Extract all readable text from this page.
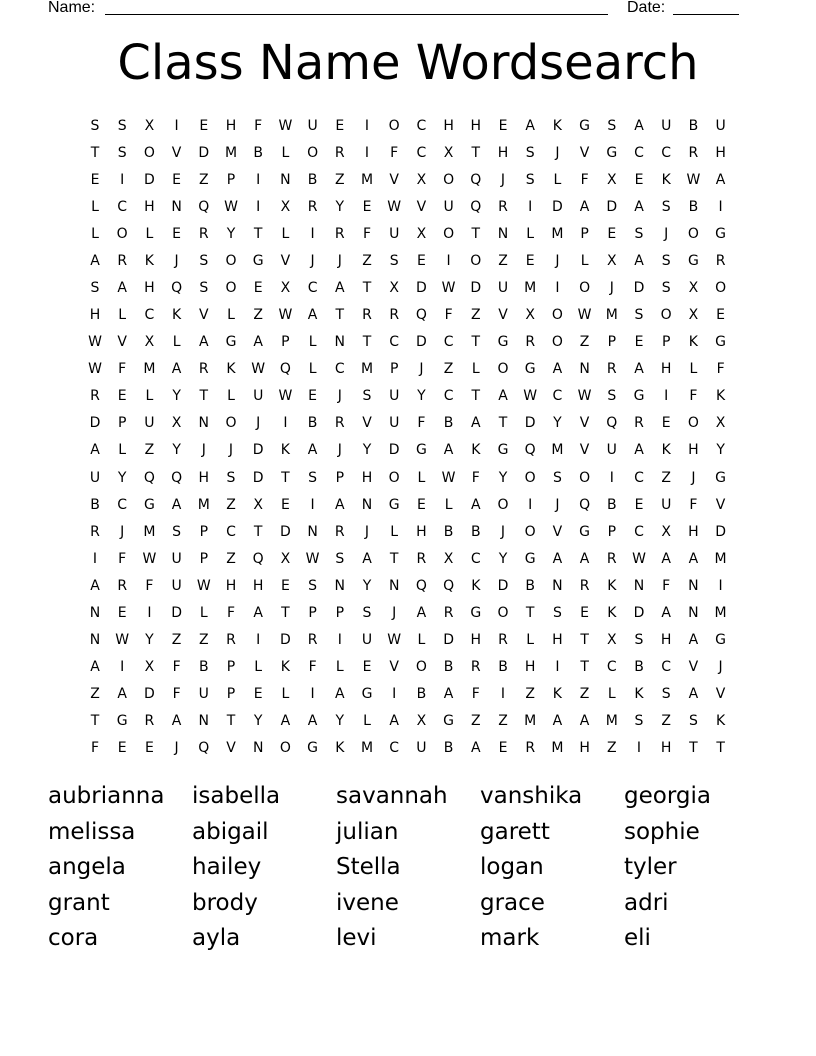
Name:	Date:
Class Name Wordsearch
S	S	X	I	E	H	F	W	U	E	I	O	C	H	H	E	A	K	G	S	A	U	B	U
T	S	O	V	D	M	B	L	O	R	I	F	C	X	T	H	S	J	V	G	C	C	R	H
E	I	D	E	Z	P	I	N	B	Z	M	V	X	O	Q	J	S	L	F	X	E	K	W	A
L	C	H	N	Q	W	I	X	R	Y	E	W	V	U	Q	R	I	D	A	D	A	S	B	I
L	O	L	E	R	Y	T	L	I	R	F	U	X	O	T	N	L	M	P	E	S	J	O	G
A	R	K	J	S	O	G	V	J	J	Z	S	E	I	O	Z	E	J	L	X	A	S	G	R
S	A	H	Q	S	O	E	X	C	A	T	X	D	W	D	U	M	I	O	J	D	S	X	O
H	L	C	K	V	L	Z	W	A	T	R	R	Q	F	Z	V	X	O	W	M	S	O	X	E
W	V	X	L	A	G	A	P	L	N	T	C	D	C	T	G	R	O	Z	P	E	P	K	G
W	F	M	A	R	K	W	Q	L	C	M	P	J	Z	L	O	G	A	N	R	A	H	L	F
R	E	L	Y	T	L	U	W	E	J	S	U	Y	C	T	A	W	C	W	S	G	I	F	K
D	P	U	X	N	O	J	I	B	R	V	U	F	B	A	T	D	Y	V	Q	R	E	O	X
A	L	Z	Y	J	J	D	K	A	J	Y	D	G	A	K	G	Q	M	V	U	A	K	H	Y
U	Y	Q	Q	H	S	D	T	S	P	H	O	L	W	F	Y	O	S	O	I	C	Z	J	G
B	C	G	A	M	Z	X	E	I	A	N	G	E	L	A	O	I	J	Q	B	E	U	F	V
R	J	M	S	P	C	T	D	N	R	J	L	H	B	B	J	O	V	G	P	C	X	H	D
I	F	W	U	P	Z	Q	X	W	S	A	T	R	X	C	Y	G	A	A	R	W	A	A	M
A	R	F	U	W	H	H	E	S	N	Y	N	Q	Q	K	D	B	N	R	K	N	F	N	I
N	E	I	D	L	F	A	T	P	P	S	J	A	R	G	O	T	S	E	K	D	A	N	M
N	W	Y	Z	Z	R	I	D	R	I	U	W	L	D	H	R	L	H	T	X	S	H	A	G
A	I	X	F	B	P	L	K	F	L	E	V	O	B	R	B	H	I	T	C	B	C	V	J
Z	A	D	F	U	P	E	L	I	A	G	I	B	A	F	I	Z	K	Z	L	K	S	A	V
T	G	R	A	N	T	Y	A	A	Y	L	A	X	G	Z	Z	M	A	A	M	S	Z	S	K
F	E	E	J	Q	V	N	O	G	K	M	C	U	B	A	E	R	M	H	Z	I	H	T	T
aubrianna	isabella	savannah	vanshika	georgia
melissa	abigail	julian	garett	sophie
angela	hailey	Stella	logan	tyler
grant	brody	ivene	grace	adri
cora	ayla	levi	mark	eli
